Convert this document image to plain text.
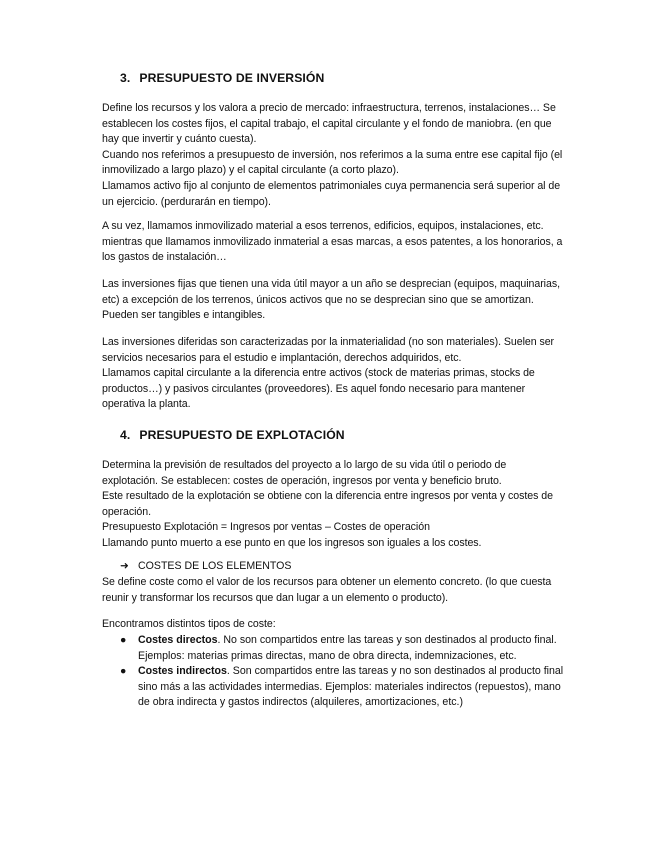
3. PRESUPUESTO DE INVERSIÓN

Define los recursos y los valora a precio de mercado: infraestructura, terrenos, instalaciones… Se establecen los costes fijos, el capital trabajo, el capital circulante y el fondo de maniobra. (en que hay que invertir y cuánto cuesta).

Cuando nos referimos a presupuesto de inversión, nos referimos a la suma entre ese capital fijo (el inmovilizado a largo plazo) y el capital circulante (a corto plazo).

Llamamos activo fijo al conjunto de elementos patrimoniales cuya permanencia será superior al de un ejercicio. (perdurarán en tiempo).

A su vez, llamamos inmovilizado material a esos terrenos, edificios, equipos, instalaciones, etc. mientras que llamamos inmovilizado inmaterial a esas marcas, a esos patentes, a los honorarios, a los gastos de instalación…

Las inversiones fijas que tienen una vida útil mayor a un año se desprecian (equipos, maquinarias, etc) a excepción de los terrenos, únicos activos que no se desprecian sino que se amortizan. Pueden ser tangibles e intangibles.

Las inversiones diferidas son caracterizadas por la inmaterialidad (no son materiales). Suelen ser servicios necesarios para el estudio e implantación, derechos adquiridos, etc.

Llamamos capital circulante a la diferencia entre activos (stock de materias primas, stocks de productos…) y pasivos circulantes (proveedores). Es aquel fondo necesario para mantener operativa la planta.

4. PRESUPUESTO DE EXPLOTACIÓN

Determina la previsión de resultados del proyecto a lo largo de su vida útil o periodo de explotación. Se establecen: costes de operación, ingresos por venta y beneficio bruto.

Este resultado de la explotación se obtiene con la diferencia entre ingresos por venta y costes de operación.

Presupuesto Explotación = Ingresos por ventas – Costes de operación

Llamando punto muerto a ese punto en que los ingresos son iguales a los costes.

➜ COSTES DE LOS ELEMENTOS

Se define coste como el valor de los recursos para obtener un elemento concreto. (lo que cuesta reunir y transformar los recursos que dan lugar a un elemento o producto).

Encontramos distintos tipos de coste:

● Costes directos. No son compartidos entre las tareas y son destinados al producto final. Ejemplos: materias primas directas, mano de obra directa, indemnizaciones, etc.
● Costes indirectos. Son compartidos entre las tareas y no son destinados al producto final sino más a las actividades intermedias. Ejemplos: materiales indirectos (repuestos), mano de obra indirecta y gastos indirectos (alquileres, amortizaciones, etc.)
